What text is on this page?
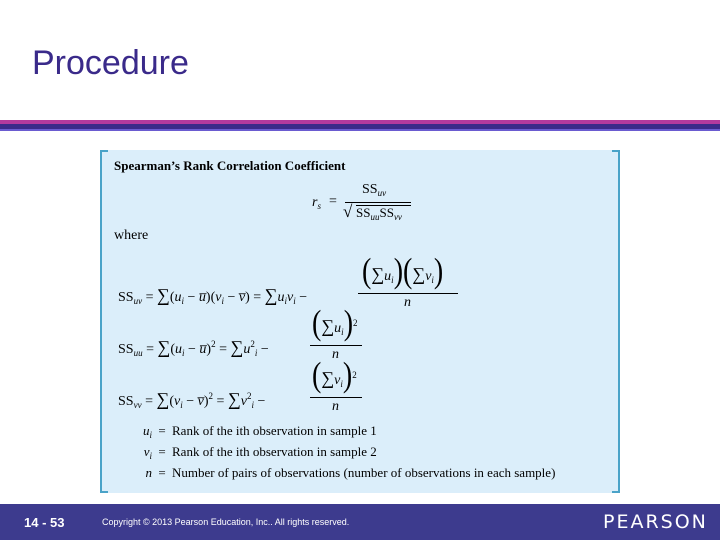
Procedure
Spearman’s Rank Correlation Coefficient
$r_s$ =
$SS_{uv}$
√ $SS_{uu}SS_{vv}$
where
$SS_{uv} = \sum(u_i$ − $u̅)(v_i$ − v̅) = $\sum u_iv_i$ −
$(\sum u_i)(\sum v_i)$
n
$SS_{uu} = \sum(u_i$ − u̅)$^2$ = $\sum u^2_i$ −
$(\sum u_i)^2$
n
$SS_{vv} = \sum(v_i$ − v̅)$^2$ = $\sum v^2_i$ −
$(\sum v_i)^2$
n
$u_i$ = Rank of the ith observation in sample 1
$v_i$ = Rank of the ith observation in sample 2
n = Number of pairs of observations (number of observations in each sample)
14 - 53	Copyright © 2013 Pearson Education, Inc.. All rights reserved.	PEARSON
